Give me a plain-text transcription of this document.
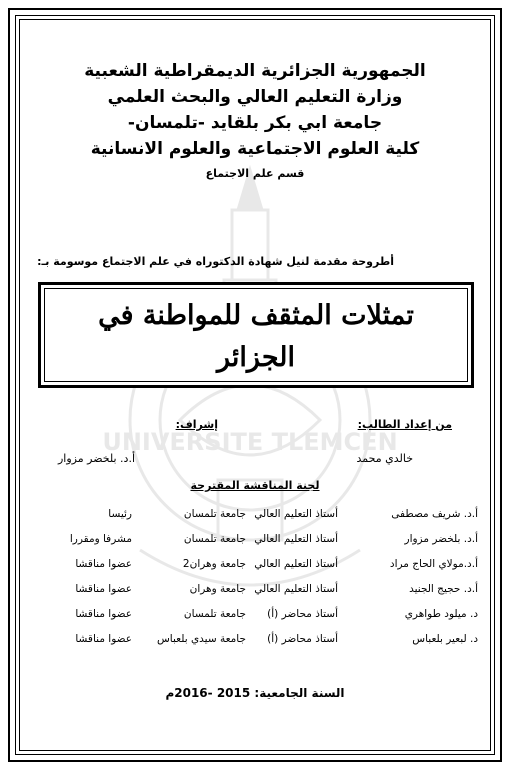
UNIVERSITE TLEMCEN
الجمهورية الجزائرية الديمقراطية الشعبية
وزارة التعليم العالي والبحث العلمي
جامعة ابي بكر بلقايد -تلمسان-
كلية العلوم الاجتماعية والعلوم الانسانية
قسم علم الاجتماع
أطروحة مقدمة لنيل شهادة الدكتوراه في علم الاجتماع موسومة بـ:
تمثلات المثقف للمواطنة في
الجزائر
من إعداد الطالب:
خالدي محمد
إشراف:
أ.د. بلخضر مزوار
لجنة المناقشة المقترحة
أ.د. شريف مصطفى
أستاذ التعليم العالي
جامعة تلمسان
رئيسا
أ.د. بلخضر مزوار
أستاذ التعليم العالي
جامعة تلمسان
مشرفا ومقررا
أ.د.مولاي الحاج مراد
أستاذ التعليم العالي
جامعة وهران2
عضوا مناقشا
أ.د. حجيج الجنيد
أستاذ التعليم العالي
جامعة وهران
عضوا مناقشا
د. ميلود طواهري
أستاذ محاضر (أ)
جامعة تلمسان
عضوا مناقشا
د. لبعير بلعباس
أستاذ محاضر (أ)
جامعة سيدي بلعباس
عضوا مناقشا
السنة الجامعية: 2015 -2016م
